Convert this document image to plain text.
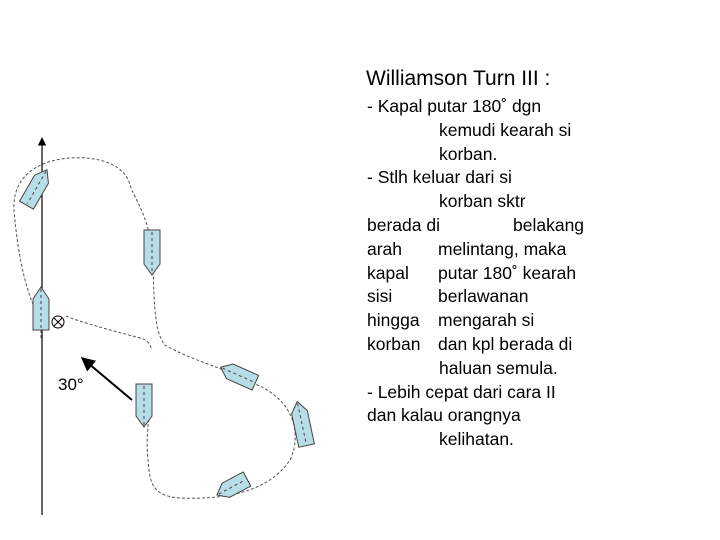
30°
Williamson Turn III :
- Kapal putar 180˚ dgn
kemudi kearah si
korban.
- Stlh keluar dari si
korban sktr
berada di	belakang
arah melintang, maka
kapal putar 180˚ kearah
sisi	berlawanan
hingga mengarah si
korban dan kpl berada di
haluan semula.
- Lebih cepat dari cara II
dan kalau orangnya
kelihatan.
